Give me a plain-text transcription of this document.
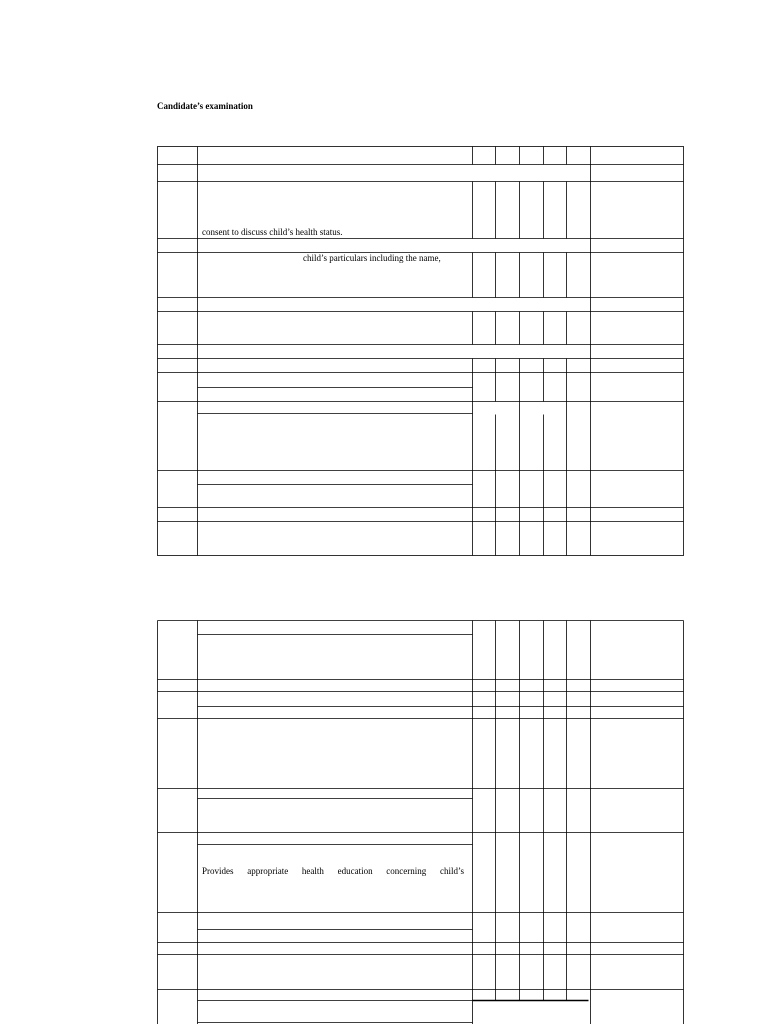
Candidate’s examination
consent to discuss child’s health status.
child’s particulars including the name,
Provides appropriate health education concerning child’s
